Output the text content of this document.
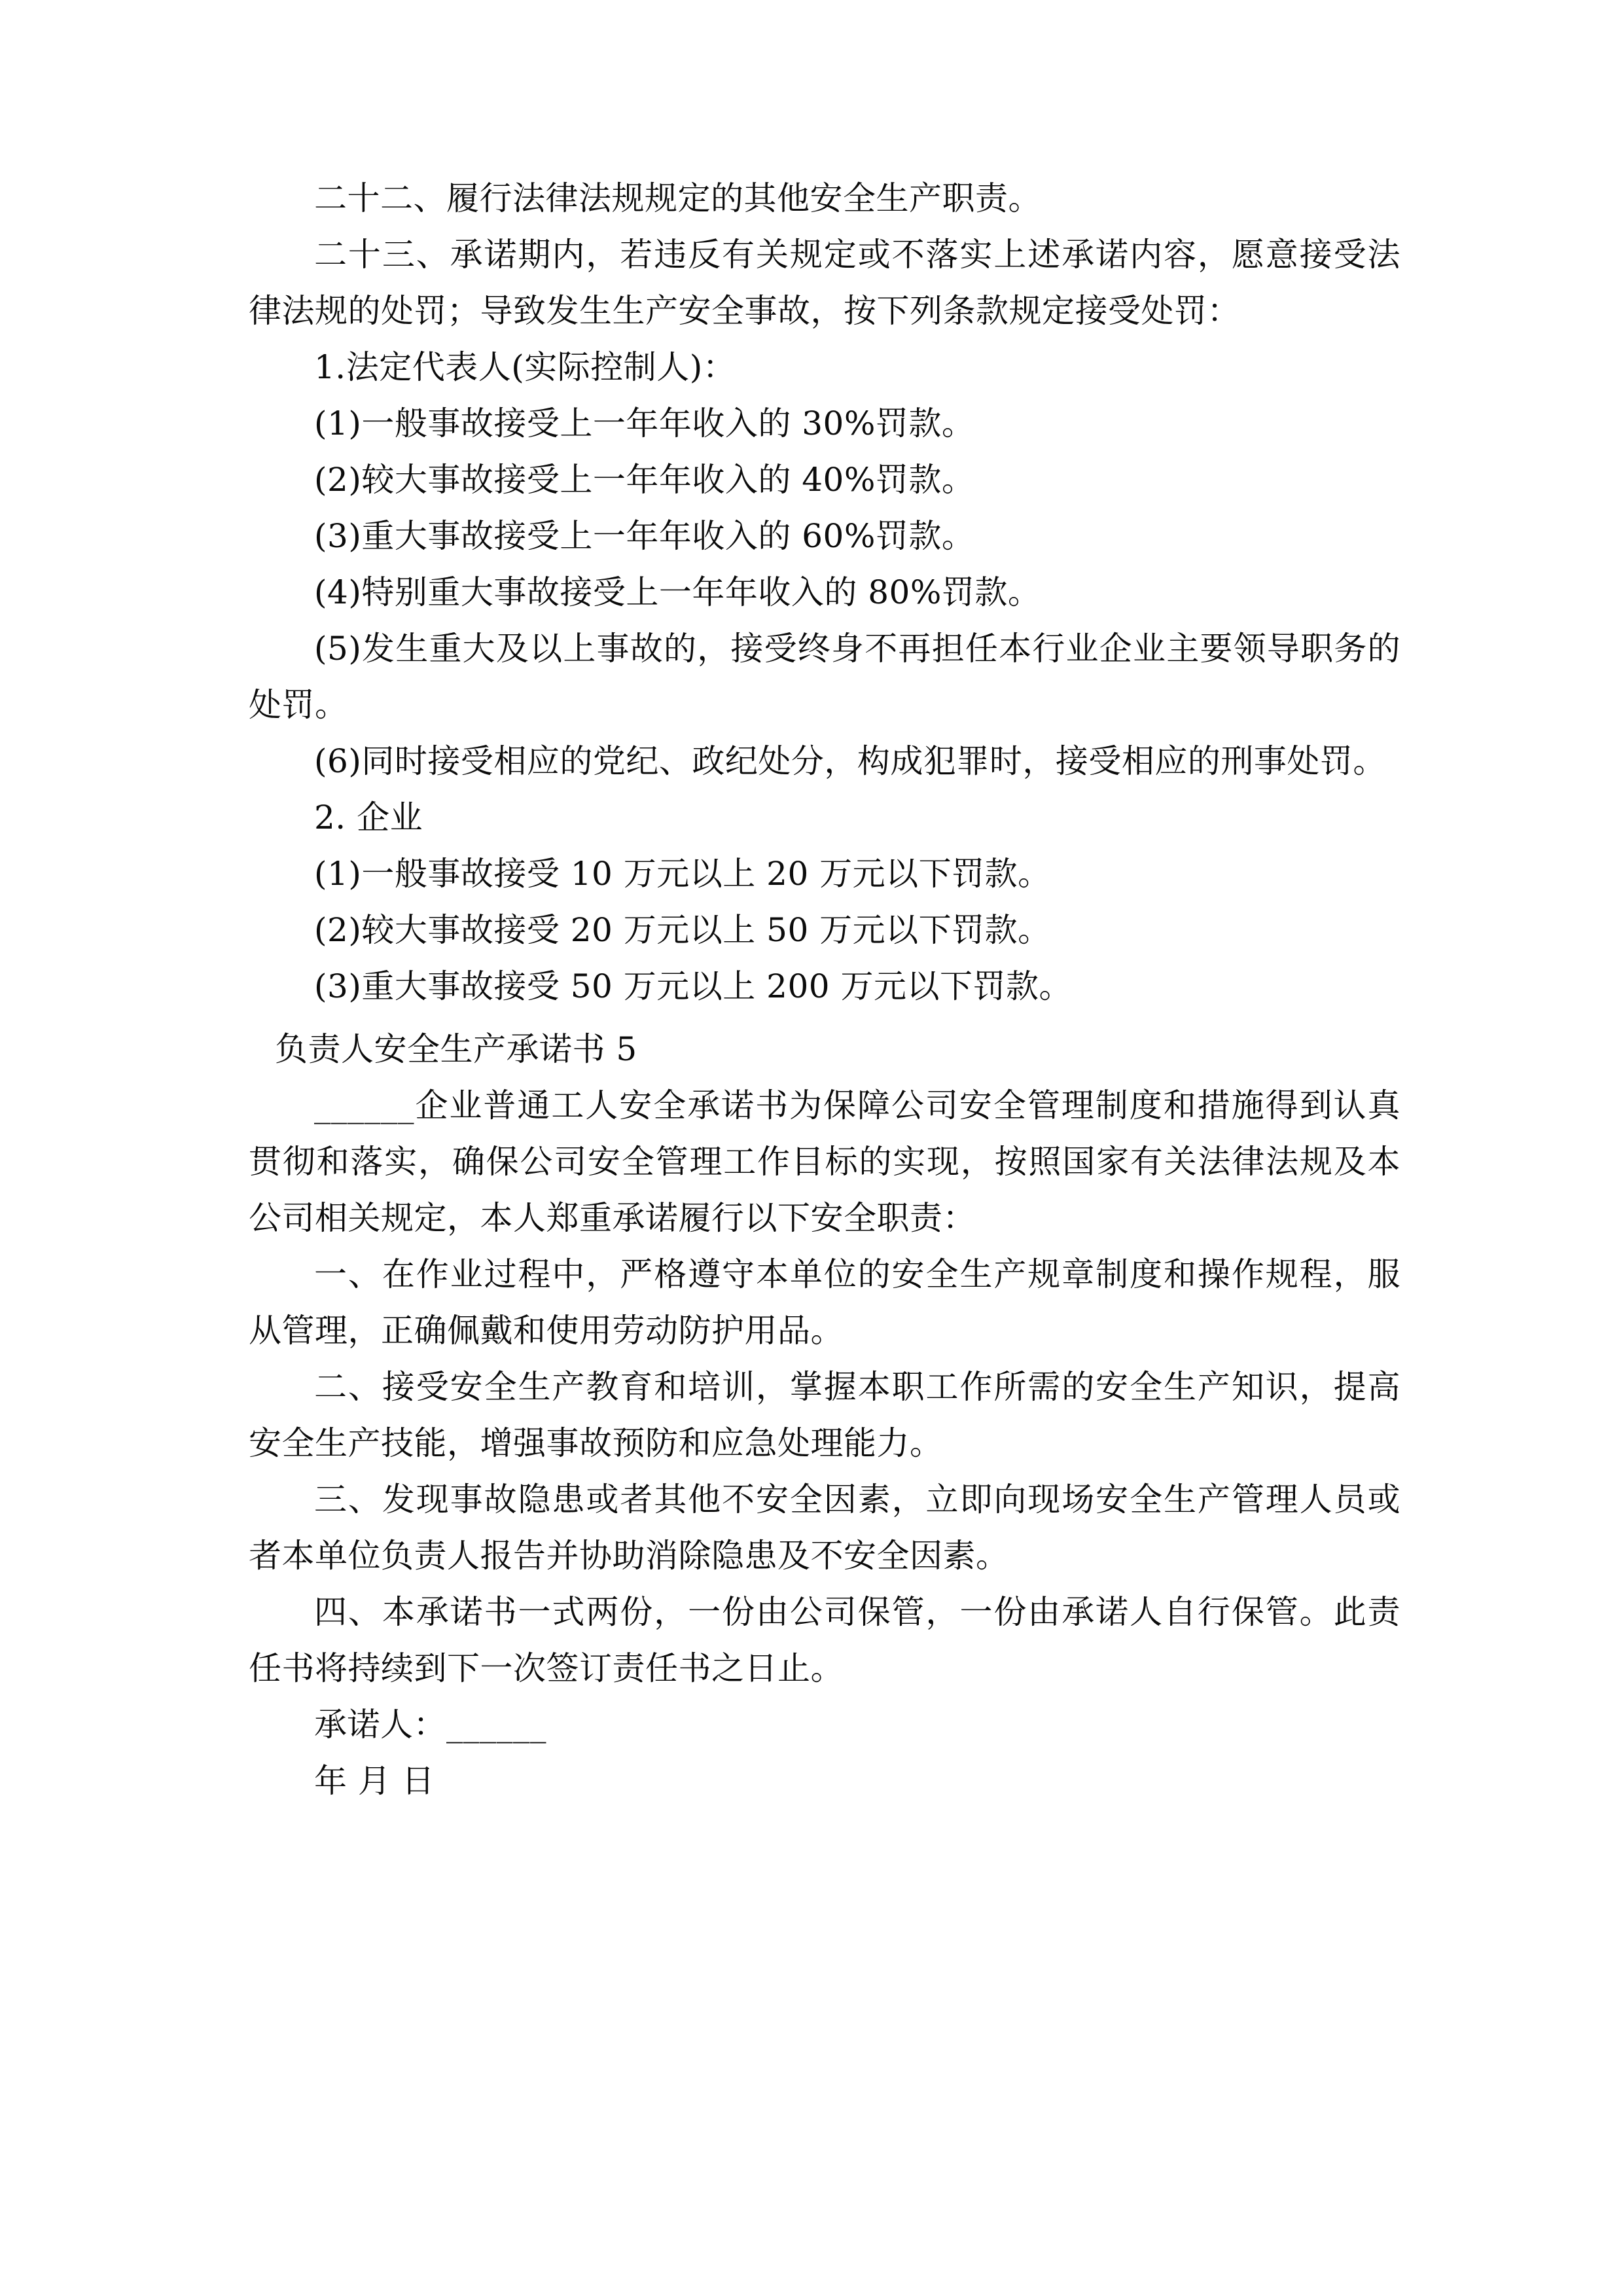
二十二、履行法律法规规定的其他安全生产职责。

二十三、承诺期内，若违反有关规定或不落实上述承诺内容，愿意接受法律法规的处罚；导致发生生产安全事故，按下列条款规定接受处罚：

1.法定代表人(实际控制人)：

(1)一般事故接受上一年年收入的 30%罚款。

(2)较大事故接受上一年年收入的 40%罚款。

(3)重大事故接受上一年年收入的 60%罚款。

(4)特别重大事故接受上一年年收入的 80%罚款。

(5)发生重大及以上事故的，接受终身不再担任本行业企业主要领导职务的处罚。

(6)同时接受相应的党纪、政纪处分，构成犯罪时，接受相应的刑事处罚。

2. 企业

(1)一般事故接受 10 万元以上 20 万元以下罚款。

(2)较大事故接受 20 万元以上 50 万元以下罚款。

(3)重大事故接受 50 万元以上 200 万元以下罚款。

负责人安全生产承诺书 5

______企业普通工人安全承诺书为保障公司安全管理制度和措施得到认真贯彻和落实，确保公司安全管理工作目标的实现，按照国家有关法律法规及本公司相关规定，本人郑重承诺履行以下安全职责：

一、在作业过程中，严格遵守本单位的安全生产规章制度和操作规程，服从管理，正确佩戴和使用劳动防护用品。

二、接受安全生产教育和培训，掌握本职工作所需的安全生产知识，提高安全生产技能，增强事故预防和应急处理能力。

三、发现事故隐患或者其他不安全因素，立即向现场安全生产管理人员或者本单位负责人报告并协助消除隐患及不安全因素。

四、本承诺书一式两份，一份由公司保管，一份由承诺人自行保管。此责任书将持续到下一次签订责任书之日止。

承诺人：______

年 月 日
